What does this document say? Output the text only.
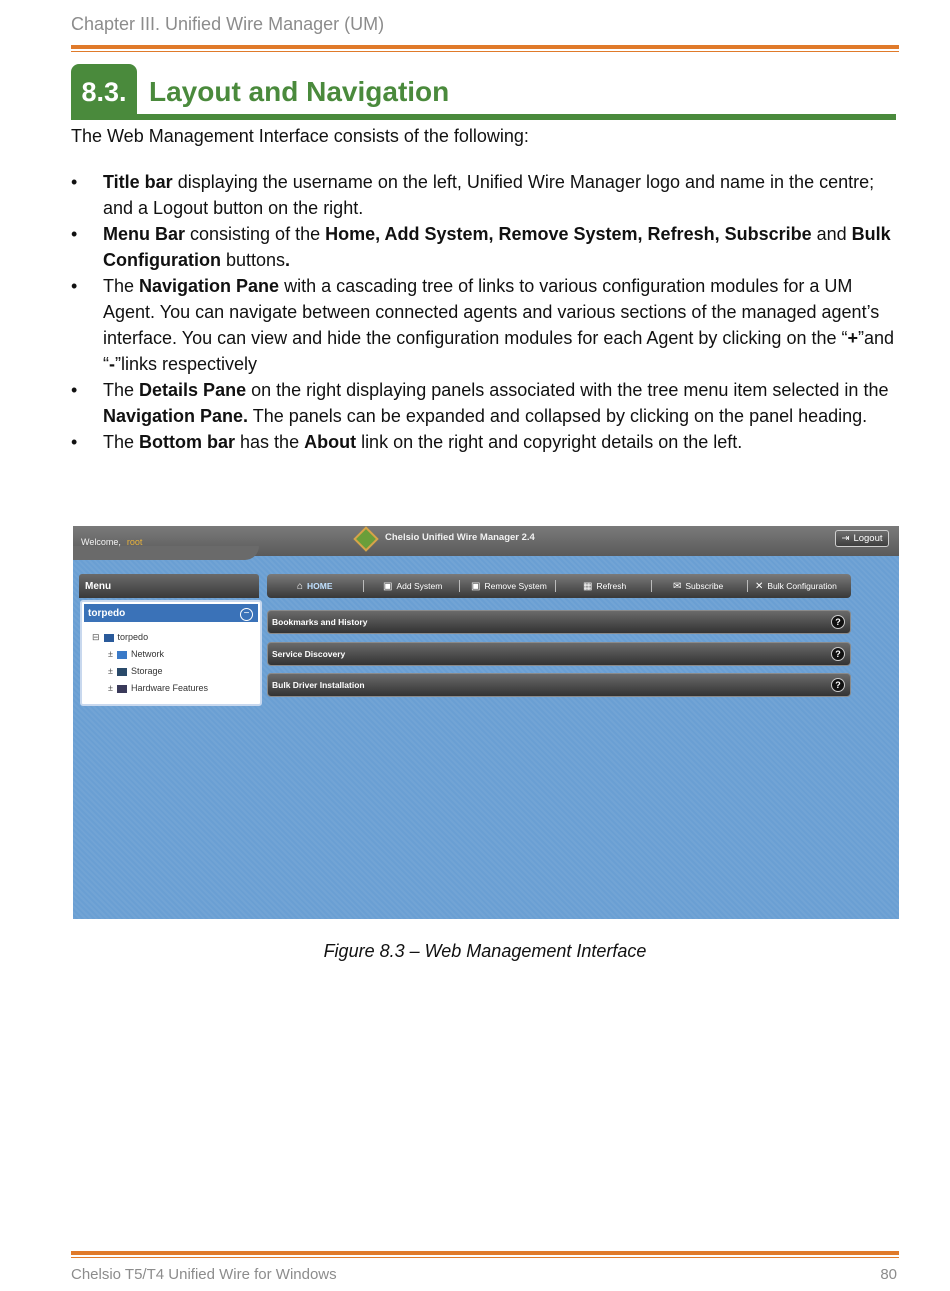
Chapter III. Unified Wire Manager (UM)
8.3. Layout and Navigation
The Web Management Interface consists of the following:
• Title bar displaying the username on the left, Unified Wire Manager logo and name in the centre; and a Logout button on the right.
• Menu Bar consisting of the Home, Add System, Remove System, Refresh, Subscribe and Bulk Configuration buttons.
• The Navigation Pane with a cascading tree of links to various configuration modules for a UM Agent. You can navigate between connected agents and various sections of the managed agent’s interface. You can view and hide the configuration modules for each Agent by clicking on the “+”and “-”links respectively
• The Details Pane on the right displaying panels associated with the tree menu item selected in the Navigation Pane. The panels can be expanded and collapsed by clicking on the panel heading.
• The Bottom bar has the About link on the right and copyright details on the left.
Welcome, root	Chelsio Unified Wire Manager 2.4	⇥ Logout
Menu
torpedo	−
⊟ torpedo
± Network
± Storage
± Hardware Features
⌂ HOME	▣ Add System	▣ Remove System	▦ Refresh	✉ Subscribe	✕ Bulk Configuration
Bookmarks and History	?
Service Discovery	?
Bulk Driver Installation	?
Figure 8.3 – Web Management Interface
Chelsio T5/T4 Unified Wire for Windows	80
